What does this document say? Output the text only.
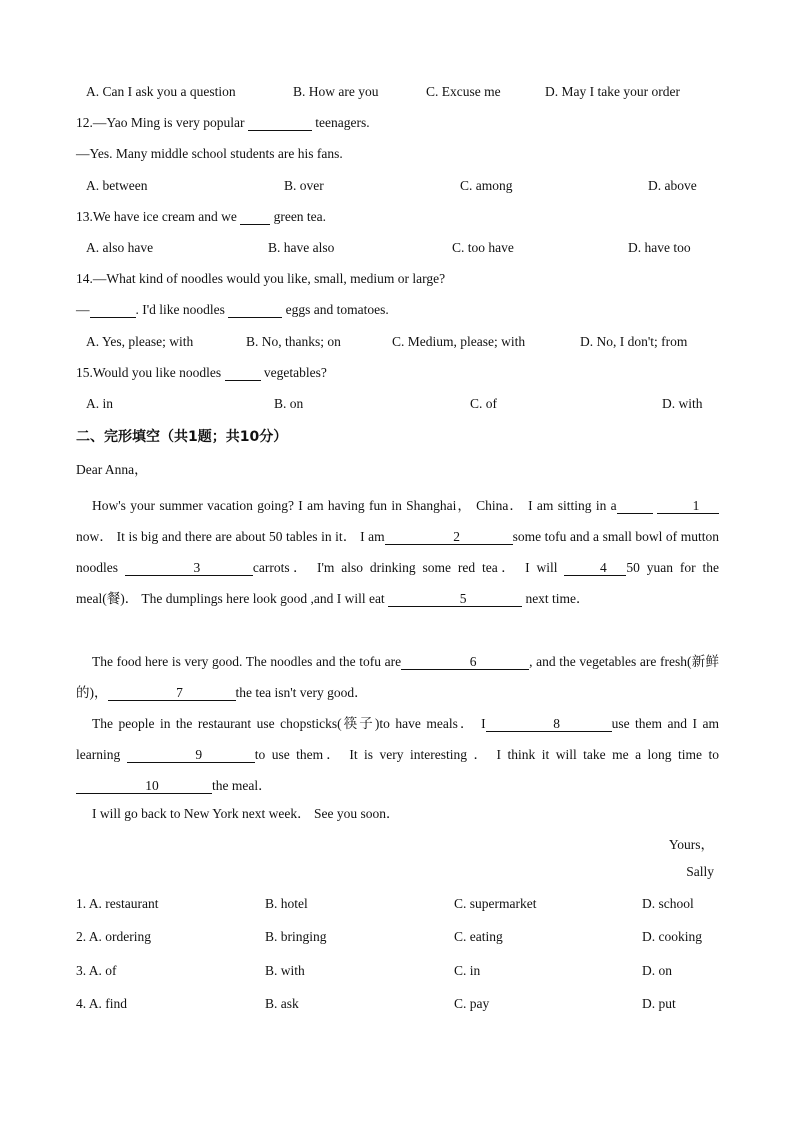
A. Can I ask you a question	B. How are you	C. Excuse me	D. May I take your order
12.—Yao Ming is very popular	teenagers.
—Yes. Many middle school students are his fans.
A. between	B. over	C. among	D. above
13.We have ice cream and we	green tea.
A. also have	B. have also	C. too have	D. have too
14.—What kind of noodles would you like, small, medium or large?
—	. I'd like noodles	eggs and tomatoes.
A. Yes, please; with	B. No, thanks; on	C. Medium, please; with	D. No, I don't; from
15.Would you like noodles	vegetables?
A. in	B. on	C. of	D. with
二、完形填空（共1题；共10分）
Dear Anna，
How's your summer vacation going? I am having fun in Shanghai， China． I am sitting in a	1now． It is big and there are about 50 tables in it． I am	2	some tofu and a small bowl of mutton noodles	3	carrots． I'm also drinking some red tea． I will	4 50 yuan for the meal(餐)． The dumplings here look good ,and I will eat	5	next time．
The food here is very good. The noodles and the tofu are	6	, and the vegetables are fresh(新鲜的)，	7	the tea isn't very good．
The people in the restaurant use chopsticks(筷子)to have meals． I	8	use them and I am learning	9	to use them． It is very interesting ． I think it will take me a long time to10	the meal．
I will go back to New York next week． See you soon．
Yours，
Sally
1. A. restaurant	B. hotel	C. supermarket	D. school
2. A. ordering	B. bringing	C. eating	D. cooking
3. A. of	B. with	C. in	D. on
4. A. find	B. ask	C. pay	D. put
